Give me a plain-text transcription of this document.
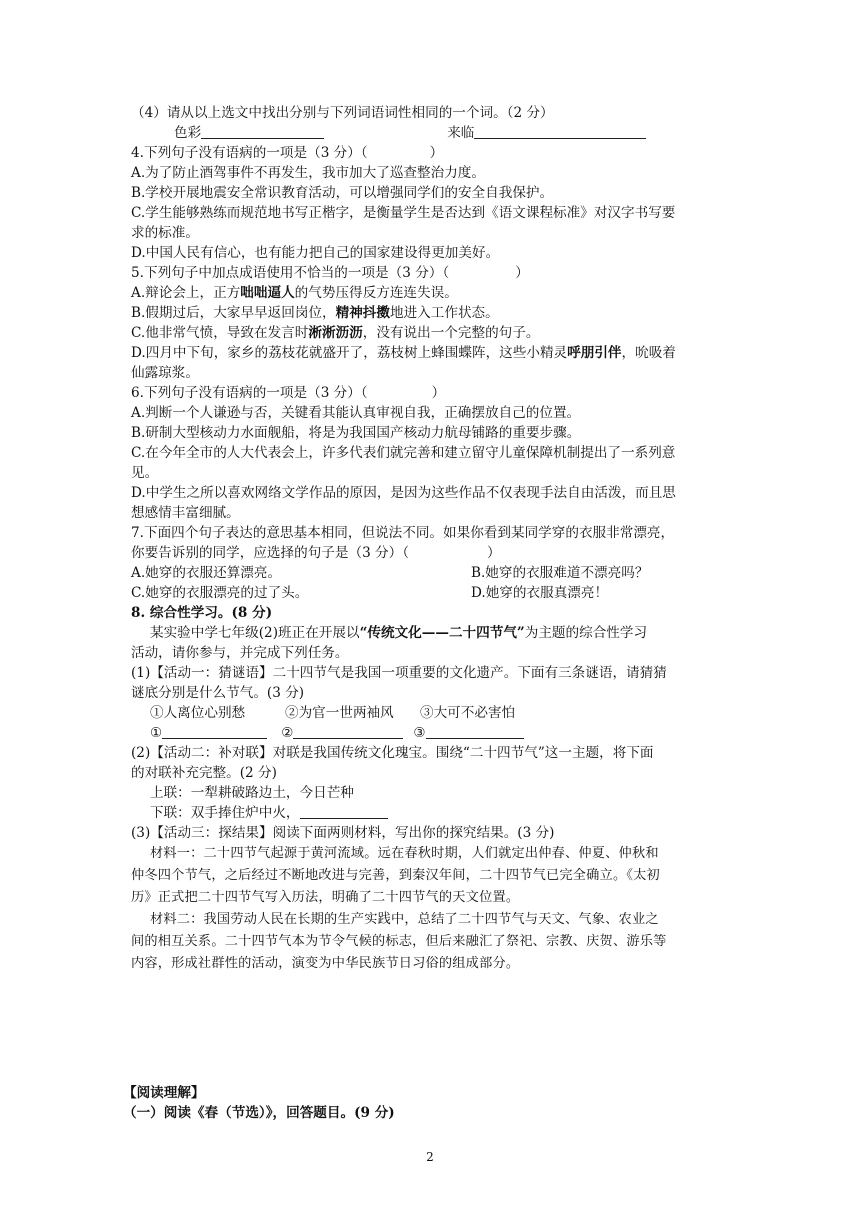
（4）请从以上选文中找出分别与下列词语词性相同的一个词。（2 分）
色彩	来临
4.下列句子没有语病的一项是（3 分）（	）
A.为了防止酒驾事件不再发生，我市加大了巡查整治力度。
B.学校开展地震安全常识教育活动，可以增强同学们的安全自我保护。
C.学生能够熟练而规范地书写正楷字，是衡量学生是否达到《语文课程标准》对汉字书写要
求的标准。
D.中国人民有信心，也有能力把自己的国家建设得更加美好。
5.下列句子中加点成语使用不恰当的一项是（3 分）（	）
A.辩论会上，正方咄咄逼人的气势压得反方连连失误。
B.假期过后，大家早早返回岗位，精神抖擞地进入工作状态。
C.他非常气愤，导致在发言时淅淅沥沥，没有说出一个完整的句子。
D.四月中下旬，家乡的荔枝花就盛开了，荔枝树上蜂围蝶阵，这些小精灵呼朋引伴，吮吸着
仙露琼浆。
6.下列句子没有语病的一项是（3 分）（	）
A.判断一个人谦逊与否，关键看其能认真审视自我，正确摆放自己的位置。
B.研制大型核动力水面舰船，将是为我国国产核动力航母铺路的重要步骤。
C.在今年全市的人大代表会上，许多代表们就完善和建立留守儿童保障机制提出了一系列意
见。
D.中学生之所以喜欢网络文学作品的原因，是因为这些作品不仅表现手法自由活泼，而且思
想感情丰富细腻。
7.下面四个句子表达的意思基本相同，但说法不同。如果你看到某同学穿的衣服非常漂亮，
你要告诉别的同学，应选择的句子是（3 分）（	）
A.她穿的衣服还算漂亮。	B.她穿的衣服难道不漂亮吗？
C.她穿的衣服漂亮的过了头。	D.她穿的衣服真漂亮！
8. 综合性学习。(8 分)
某实验中学七年级(2)班正在开展以“传统文化——二十四节气”为主题的综合性学习
活动，请你参与，并完成下列任务。
(1)【活动一：猜谜语】二十四节气是我国一项重要的文化遗产。下面有三条谜语，请猜猜
谜底分别是什么节气。(3 分)
①人离位心别愁	②为官一世两袖风 ③大可不必害怕
①	②	③
(2)【活动二：补对联】对联是我国传统文化瑰宝。围绕“二十四节气”这一主题，将下面
的对联补充完整。(2 分)
上联：一犁耕破路边土，今日芒种
下联：双手捧住炉中火，
(3)【活动三：探结果】阅读下面两则材料，写出你的探究结果。(3 分)
材料一：二十四节气起源于黄河流域。远在春秋时期，人们就定出仲春、仲夏、仲秋和
仲冬四个节气，之后经过不断地改进与完善，到秦汉年间，二十四节气已完全确立。《太初
历》正式把二十四节气写入历法，明确了二十四节气的天文位置。
材料二：我国劳动人民在长期的生产实践中，总结了二十四节气与天文、气象、农业之
间的相互关系。二十四节气本为节令气候的标志，但后来融汇了祭祀、宗教、庆贺、游乐等
内容，形成社群性的活动，演变为中华民族节日习俗的组成部分。
【阅读理解】
（一）阅读《春（节选）》，回答题目。(9 分)
2
